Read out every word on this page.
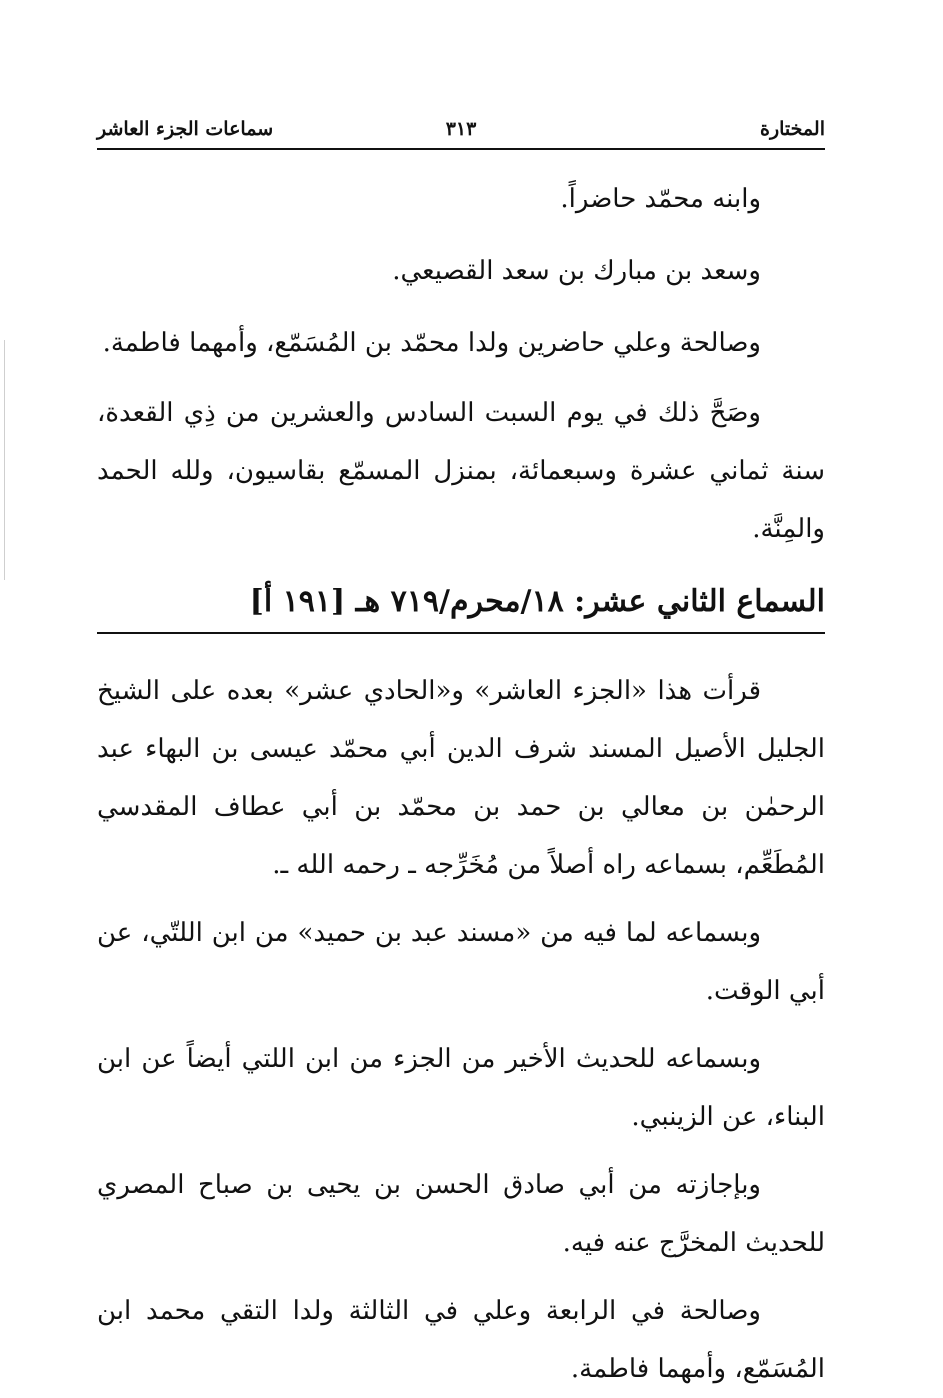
المختارة
٣١٣
سماعات الجزء العاشر

وابنه محمّد حاضراً.

وسعد بن مبارك بن سعد القصيعي.

وصالحة وعلي حاضرين ولدا محمّد بن المُسَمّع، وأمهما فاطمة.

وصَحَّ ذلك في يوم السبت السادس والعشرين من ذِي القعدة، سنة ثماني عشرة وسبعمائة، بمنزل المسمّع بقاسيون، ولله الحمد والمِنَّة.

السماع الثاني عشر: ١٨/محرم/٧١٩ هـ [١٩١ أ]

قرأت هذا «الجزء العاشر» و«الحادي عشر» بعده على الشيخ الجليل الأصيل المسند شرف الدين أبي محمّد عيسى بن البهاء عبد الرحمٰن بن معالي بن حمد بن محمّد بن أبي عطاف المقدسي المُطَعِّم، بسماعه راه أصلاً من مُخَرِّجه ـ رحمه الله ـ.

وبسماعه لما فيه من «مسند عبد بن حميد» من ابن اللتّي، عن أبي الوقت.

وبسماعه للحديث الأخير من الجزء من ابن اللتي أيضاً عن ابن البناء، عن الزينبي.

وبإجازته من أبي صادق الحسن بن يحيى بن صباح المصري للحديث المخرَّج عنه فيه.

وصالحة في الرابعة وعلي في الثالثة ولدا التقي محمد ابن المُسَمّع، وأمهما فاطمة.
